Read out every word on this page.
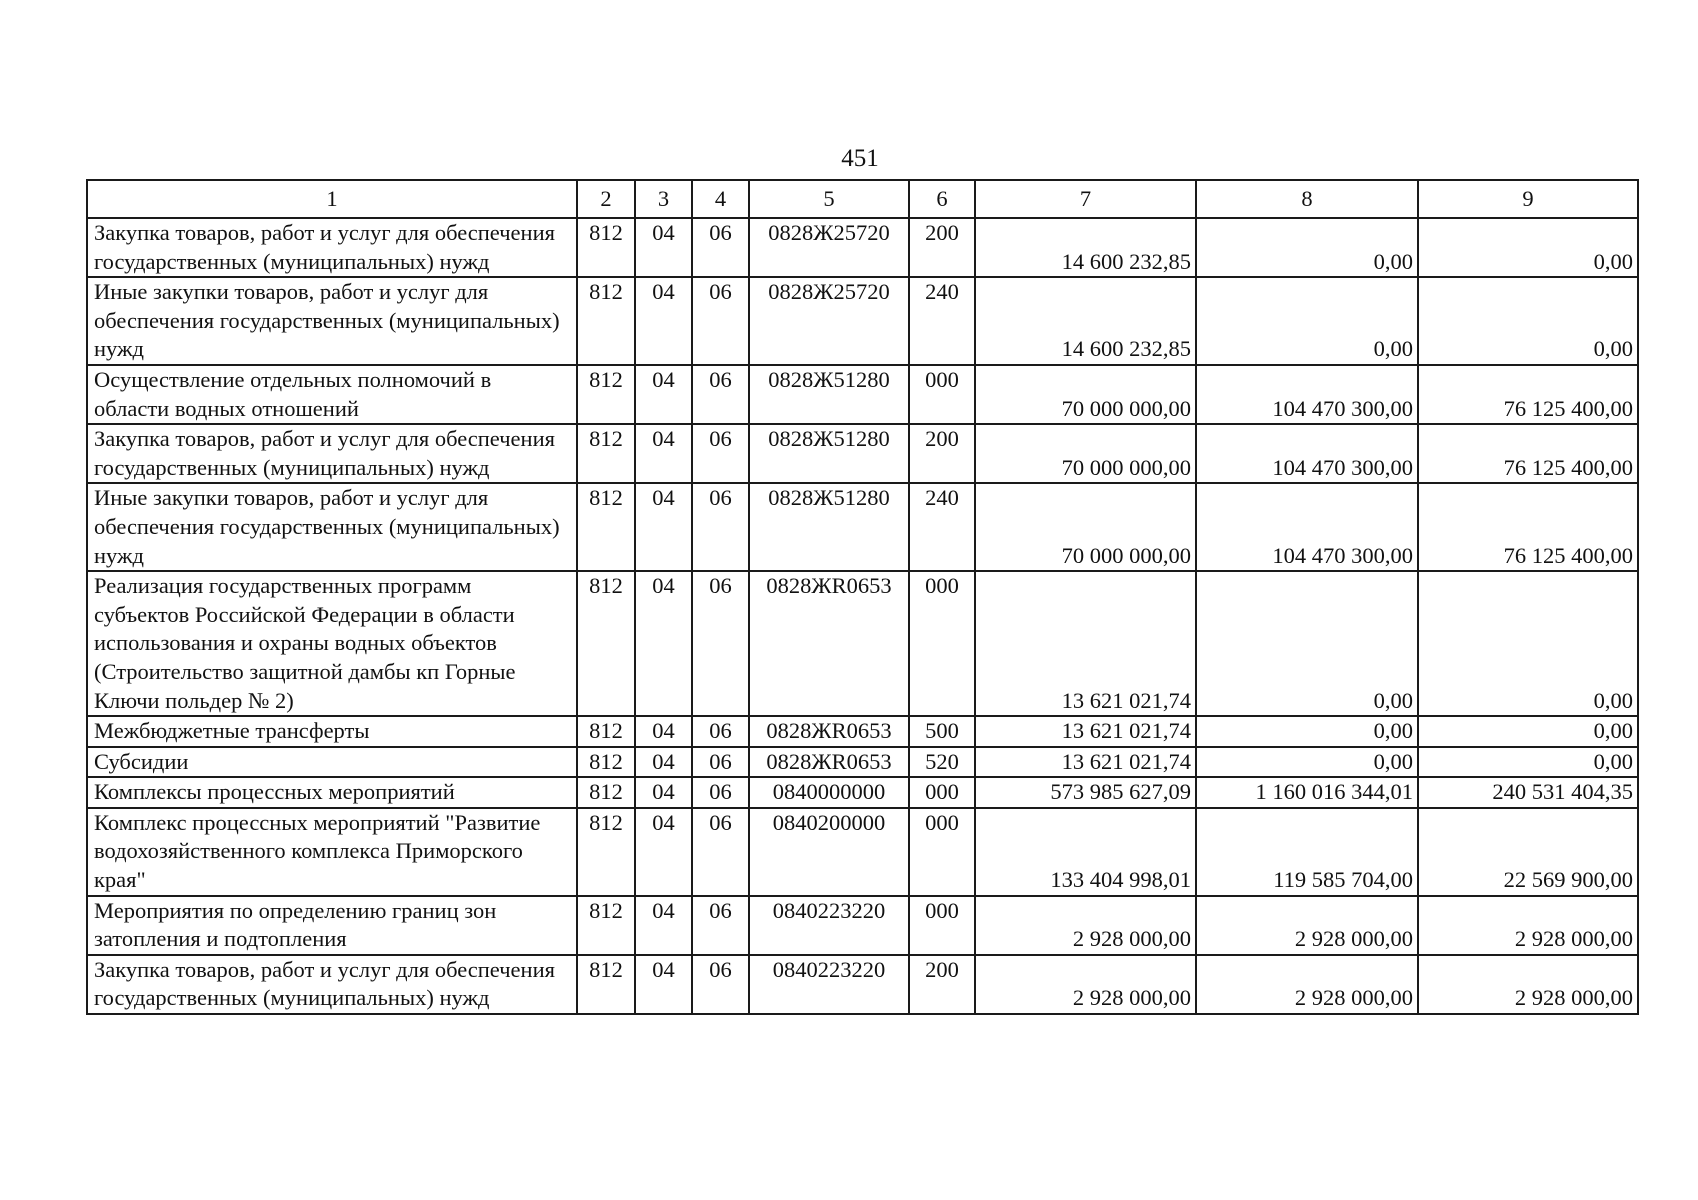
451
1	2	3	4	5	6	7	8	9
Закупка товаров, работ и услуг для обеспечения государственных (муниципальных) нужд	812	04	06	0828Ж25720	200	14 600 232,85	0,00	0,00
Иные закупки товаров, работ и услуг для обеспечения государственных (муниципальных) нужд	812	04	06	0828Ж25720	240	14 600 232,85	0,00	0,00
Осуществление отдельных полномочий в области водных отношений	812	04	06	0828Ж51280	000	70 000 000,00	104 470 300,00	76 125 400,00
Закупка товаров, работ и услуг для обеспечения государственных (муниципальных) нужд	812	04	06	0828Ж51280	200	70 000 000,00	104 470 300,00	76 125 400,00
Иные закупки товаров, работ и услуг для обеспечения государственных (муниципальных) нужд	812	04	06	0828Ж51280	240	70 000 000,00	104 470 300,00	76 125 400,00
Реализация государственных программ субъектов Российской Федерации в области использования и охраны водных объектов (Строительство защитной дамбы кп Горные Ключи польдер № 2)	812	04	06	0828ЖR0653	000	13 621 021,74	0,00	0,00
Межбюджетные трансферты	812	04	06	0828ЖR0653	500	13 621 021,74	0,00	0,00
Субсидии	812	04	06	0828ЖR0653	520	13 621 021,74	0,00	0,00
Комплексы процессных мероприятий	812	04	06	0840000000	000	573 985 627,09	1 160 016 344,01	240 531 404,35
Комплекс процессных мероприятий "Развитие водохозяйственного комплекса Приморского края"	812	04	06	0840200000	000	133 404 998,01	119 585 704,00	22 569 900,00
Мероприятия по определению границ зон затопления и подтопления	812	04	06	0840223220	000	2 928 000,00	2 928 000,00	2 928 000,00
Закупка товаров, работ и услуг для обеспечения государственных (муниципальных) нужд	812	04	06	0840223220	200	2 928 000,00	2 928 000,00	2 928 000,00
